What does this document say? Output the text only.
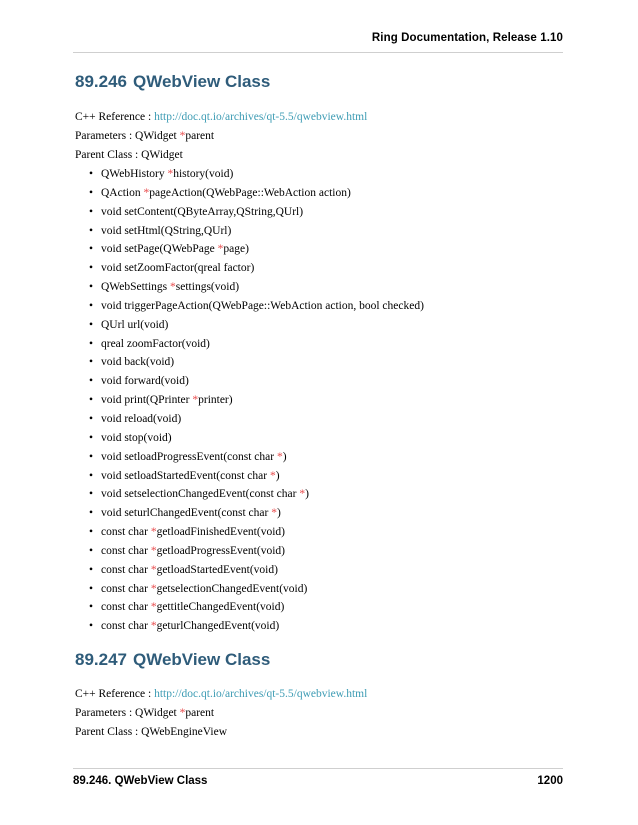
Ring Documentation, Release 1.10
89.246 QWebView Class

C++ Reference : http://doc.qt.io/archives/qt-5.5/qwebview.html

Parameters : QWidget *parent

Parent Class : QWidget

• QWebHistory *history(void)
• QAction *pageAction(QWebPage::WebAction action)
• void setContent(QByteArray,QString,QUrl)
• void setHtml(QString,QUrl)
• void setPage(QWebPage *page)
• void setZoomFactor(qreal factor)
• QWebSettings *settings(void)
• void triggerPageAction(QWebPage::WebAction action, bool checked)
• QUrl url(void)
• qreal zoomFactor(void)
• void back(void)
• void forward(void)
• void print(QPrinter *printer)
• void reload(void)
• void stop(void)
• void setloadProgressEvent(const char *)
• void setloadStartedEvent(const char *)
• void setselectionChangedEvent(const char *)
• void seturlChangedEvent(const char *)
• const char *getloadFinishedEvent(void)
• const char *getloadProgressEvent(void)
• const char *getloadStartedEvent(void)
• const char *getselectionChangedEvent(void)
• const char *gettitleChangedEvent(void)
• const char *geturlChangedEvent(void)
89.247 QWebView Class

C++ Reference : http://doc.qt.io/archives/qt-5.5/qwebview.html

Parameters : QWidget *parent

Parent Class : QWebEngineView

89.246. QWebView Class	1200
